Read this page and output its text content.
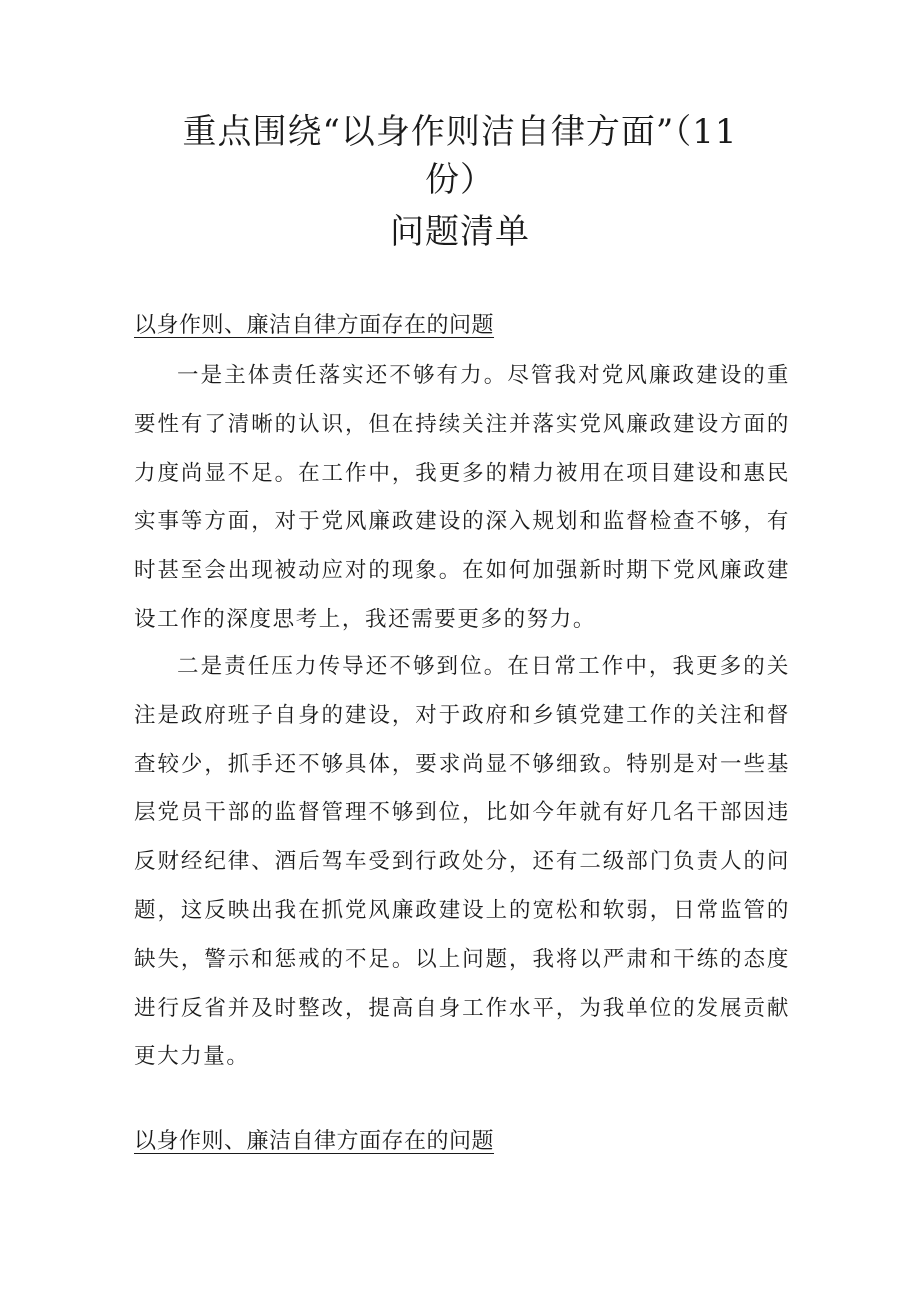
重点围绕“以身作则洁自律方面”（11
份）
问题清单
以身作则、廉洁自律方面存在的问题

一是主体责任落实还不够有力。尽管我对党风廉政建设的重要性有了清晰的认识，但在持续关注并落实党风廉政建设方面的力度尚显不足。在工作中，我更多的精力被用在项目建设和惠民实事等方面，对于党风廉政建设的深入规划和监督检查不够，有时甚至会出现被动应对的现象。在如何加强新时期下党风廉政建设工作的深度思考上，我还需要更多的努力。

二是责任压力传导还不够到位。在日常工作中，我更多的关注是政府班子自身的建设，对于政府和乡镇党建工作的关注和督查较少，抓手还不够具体，要求尚显不够细致。特别是对一些基层党员干部的监督管理不够到位，比如今年就有好几名干部因违反财经纪律、酒后驾车受到行政处分，还有二级部门负责人的问题，这反映出我在抓党风廉政建设上的宽松和软弱，日常监管的缺失，警示和惩戒的不足。以上问题，我将以严肃和干练的态度进行反省并及时整改，提高自身工作水平，为我单位的发展贡献更大力量。

以身作则、廉洁自律方面存在的问题
